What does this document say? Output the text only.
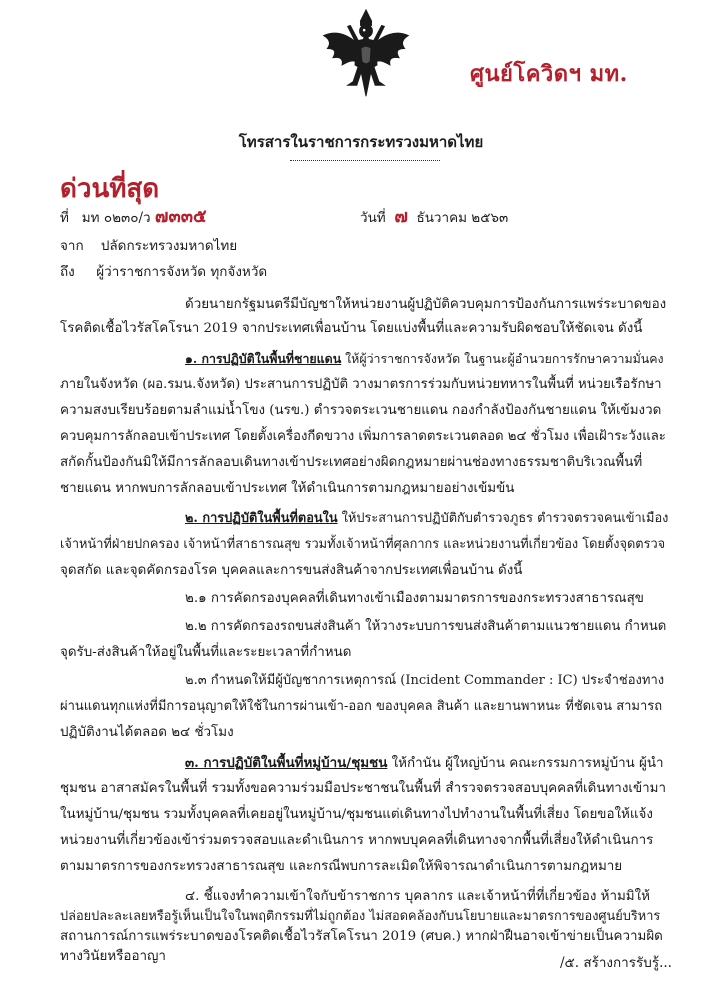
ศูนย์โควิดฯ มท.
โทรสารในราชการกระทรวงมหาดไทย
ด่วนที่สุด
ที่ มท ๐๒๓๐/ว ๗๓๓๕	วันที่ ๗ ธันวาคม ๒๕๖๓
จาก ปลัดกระทรวงมหาดไทย
ถึง ผู้ว่าราชการจังหวัด ทุกจังหวัด
ด้วยนายกรัฐมนตรีมีบัญชาให้หน่วยงานผู้ปฏิบัติควบคุมการป้องกันการแพร่ระบาดของ
โรคติดเชื้อไวรัสโคโรนา 2019 จากประเทศเพื่อนบ้าน โดยแบ่งพื้นที่และความรับผิดชอบให้ชัดเจน ดังนี้
๑. การปฏิบัติในพื้นที่ชายแดน ให้ผู้ว่าราชการจังหวัด ในฐานะผู้อำนวยการรักษาความมั่นคง
ภายในจังหวัด (ผอ.รมน.จังหวัด) ประสานการปฏิบัติ วางมาตรการร่วมกับหน่วยทหารในพื้นที่ หน่วยเรือรักษา
ความสงบเรียบร้อยตามลำแม่น้ำโขง (นรข.) ตำรวจตระเวนชายแดน กองกำลังป้องกันชายแดน ให้เข้มงวด
ควบคุมการลักลอบเข้าประเทศ โดยตั้งเครื่องกีดขวาง เพิ่มการลาดตระเวนตลอด ๒๔ ชั่วโมง เพื่อเฝ้าระวังและ
สกัดกั้นป้องกันมิให้มีการลักลอบเดินทางเข้าประเทศอย่างผิดกฎหมายผ่านช่องทางธรรมชาติบริเวณพื้นที่
ชายแดน หากพบการลักลอบเข้าประเทศ ให้ดำเนินการตามกฎหมายอย่างเข้มข้น
๒. การปฏิบัติในพื้นที่ตอนใน ให้ประสานการปฏิบัติกับตำรวจภูธร ตำรวจตรวจคนเข้าเมือง
เจ้าหน้าที่ฝ่ายปกครอง เจ้าหน้าที่สาธารณสุข รวมทั้งเจ้าหน้าที่ศุลกากร และหน่วยงานที่เกี่ยวข้อง โดยตั้งจุดตรวจ
จุดสกัด และจุดคัดกรองโรค บุคคลและการขนส่งสินค้าจากประเทศเพื่อนบ้าน ดังนี้
๒.๑ การคัดกรองบุคคลที่เดินทางเข้าเมืองตามมาตรการของกระทรวงสาธารณสุข
๒.๒ การคัดกรองรถขนส่งสินค้า ให้วางระบบการขนส่งสินค้าตามแนวชายแดน กำหนด
จุดรับ-ส่งสินค้าให้อยู่ในพื้นที่และระยะเวลาที่กำหนด
๒.๓ กำหนดให้มีผู้บัญชาการเหตุการณ์ (Incident Commander : IC) ประจำช่องทาง
ผ่านแดนทุกแห่งที่มีการอนุญาตให้ใช้ในการผ่านเข้า-ออก ของบุคคล สินค้า และยานพาหนะ ที่ชัดเจน สามารถ
ปฏิบัติงานได้ตลอด ๒๔ ชั่วโมง
๓. การปฏิบัติในพื้นที่หมู่บ้าน/ชุมชน ให้กำนัน ผู้ใหญ่บ้าน คณะกรรมการหมู่บ้าน ผู้นำ
ชุมชน อาสาสมัครในพื้นที่ รวมทั้งขอความร่วมมือประชาชนในพื้นที่ สำรวจตรวจสอบบุคคลที่เดินทางเข้ามา
ในหมู่บ้าน/ชุมชน รวมทั้งบุคคลที่เคยอยู่ในหมู่บ้าน/ชุมชนแต่เดินทางไปทำงานในพื้นที่เสี่ยง โดยขอให้แจ้ง
หน่วยงานที่เกี่ยวข้องเข้าร่วมตรวจสอบและดำเนินการ หากพบบุคคลที่เดินทางจากพื้นที่เสี่ยงให้ดำเนินการ
ตามมาตรการของกระทรวงสาธารณสุข และกรณีพบการละเมิดให้พิจารณาดำเนินการตามกฎหมาย
๔. ชี้แจงทำความเข้าใจกับข้าราชการ บุคลากร และเจ้าหน้าที่ที่เกี่ยวข้อง ห้ามมิให้
ปล่อยปละละเลยหรือรู้เห็นเป็นใจในพฤติกรรมที่ไม่ถูกต้อง ไม่สอดคล้องกับนโยบายและมาตรการของศูนย์บริหาร
สถานการณ์การแพร่ระบาดของโรคติดเชื้อไวรัสโคโรนา 2019 (ศบค.) หากฝ่าฝืนอาจเข้าข่ายเป็นความผิด
ทางวินัยหรืออาญา	/๕. สร้างการรับรู้...
